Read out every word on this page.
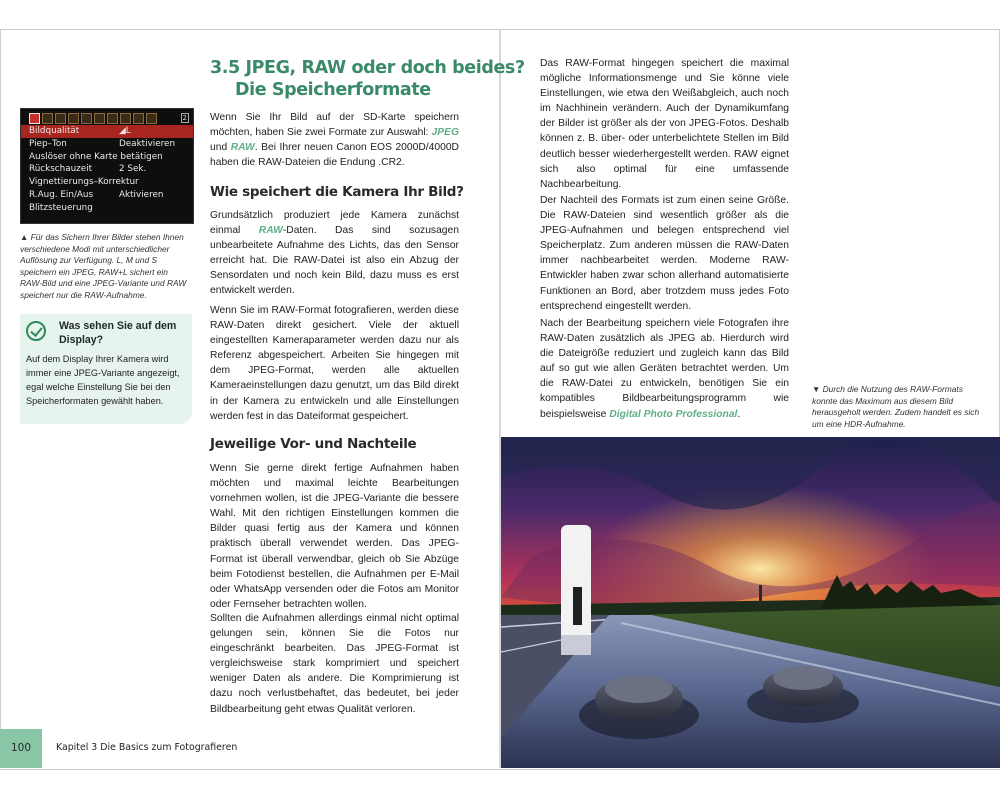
2
Bildqualität	◢L
Piep–Ton	Deaktivieren
Auslöser ohne Karte betätigen
Rückschauzeit	2 Sek.
Vignettierungs–Korrektur
R.Aug. Ein/Aus	Aktivieren
Blitzsteuerung
▲ Für das Sichern Ihrer Bilder stehen Ihnen verschiedene Modi mit unterschiedlicher Auflösung zur Verfügung. L, M und S speichern ein JPEG, RAW+L sichert ein RAW-Bild und eine JPEG-Variante und RAW speichert nur die RAW-Aufnahme.
Was sehen Sie auf dem Display?
Auf dem Display Ihrer Kamera wird immer eine JPEG-Variante angezeigt, egal welche Einstellung Sie bei den Speicherformaten gewählt haben.
3.5 JPEG, RAW oder doch beides?
Die Speicherformate
Wenn Sie Ihr Bild auf der SD-Karte speichern möchten, haben Sie zwei Formate zur Auswahl: JPEG und RAW. Bei Ihrer neuen Canon EOS 2000D/4000D haben die RAW-Dateien die Endung .CR2.
Wie speichert die Kamera Ihr Bild?
Grundsätzlich produziert jede Kamera zunächst einmal RAW-Daten. Das sind sozusagen unbearbeitete Aufnahme des Lichts, das den Sensor erreicht hat. Die RAW-Datei ist also ein Abzug der Sensordaten und noch kein Bild, dazu muss es erst entwickelt werden.
Wenn Sie im RAW-Format fotografieren, werden diese RAW-Daten direkt gesichert. Viele der aktuell eingestellten Kameraparameter werden dazu nur als Referenz abgespeichert. Arbeiten Sie hingegen mit dem JPEG-Format, werden alle aktuellen Kameraeinstellungen dazu genutzt, um das Bild direkt in der Kamera zu entwickeln und alle Einstellungen werden fest in das Dateiformat gespeichert.
Jeweilige Vor- und Nachteile
Wenn Sie gerne direkt fertige Aufnahmen haben möchten und maximal leichte Bearbeitungen vornehmen wollen, ist die JPEG-Variante die bessere Wahl. Mit den richtigen Einstellungen kommen die Bilder quasi fertig aus der Kamera und können praktisch überall verwendet werden. Das JPEG-Format ist überall verwendbar, gleich ob Sie Abzüge beim Fotodienst bestellen, die Aufnahmen per E-Mail oder WhatsApp versenden oder die Fotos am Monitor oder Fernseher betrachten wollen.
Sollten die Aufnahmen allerdings einmal nicht optimal gelungen sein, können Sie die Fotos nur eingeschränkt bearbeiten. Das JPEG-Format ist vergleichsweise stark komprimiert und speichert weniger Daten als andere. Die Komprimierung ist dazu noch verlustbehaftet, das bedeutet, bei jeder Bildbearbeitung geht etwas Qualität verloren.
100	Kapitel 3 Die Basics zum Fotografieren
Das RAW-Format hingegen speichert die maximal mögliche Informationsmenge und Sie könne viele Einstellungen, wie etwa den Weißabgleich, auch noch im Nachhinein verändern. Auch der Dynamikumfang der Bilder ist größer als der von JPEG-Fotos. Deshalb können z. B. über- oder unterbelichtete Stellen im Bild deutlich besser wiederhergestellt werden. RAW eignet sich also optimal für eine umfassende Nachbearbeitung.
Der Nachteil des Formats ist zum einen seine Größe. Die RAW-Dateien sind wesentlich größer als die JPEG-Aufnahmen und belegen entsprechend viel Speicherplatz. Zum anderen müssen die RAW-Daten immer nachbearbeitet werden. Moderne RAW-Entwickler haben zwar schon allerhand automatisierte Funktionen an Bord, aber trotzdem muss jedes Foto entsprechend eingestellt werden.
Nach der Bearbeitung speichern viele Fotografen ihre RAW-Daten zusätzlich als JPEG ab. Hierdurch wird die Dateigröße reduziert und zugleich kann das Bild auf so gut wie allen Geräten betrachtet werden. Um die RAW-Datei zu entwickeln, benötigen Sie ein kompatibles Bildbearbeitungsprogramm wie beispielsweise Digital Photo Professional.
▼ Durch die Nutzung des RAW-Formats konnte das Maximum aus diesem Bild herausgeholt werden. Zudem handelt es sich um eine HDR-Aufnahme.
